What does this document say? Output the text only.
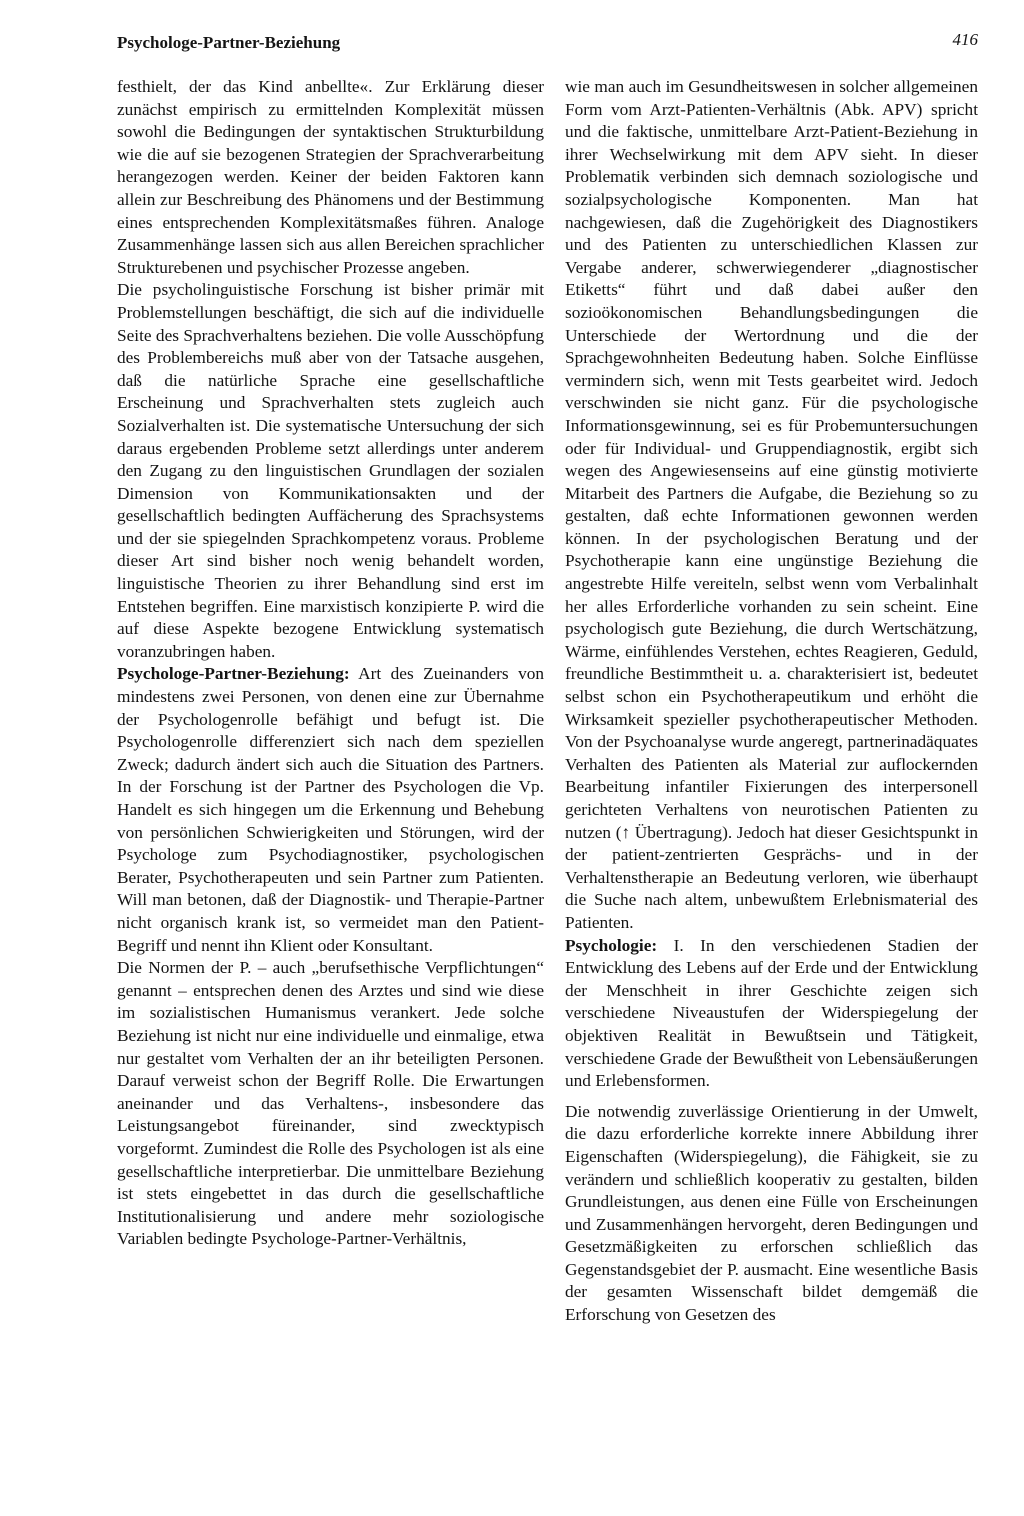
Psychologe-Partner-Beziehung	416

festhielt, der das Kind anbellte«. Zur Erklärung dieser zunächst empirisch zu ermittelnden Komplexität müssen sowohl die Bedingungen der syntaktischen Strukturbildung wie die auf sie bezogenen Strategien der Sprachverarbeitung herangezogen werden. Keiner der beiden Faktoren kann allein zur Beschreibung des Phänomens und der Bestimmung eines entsprechenden Komplexitätsmaßes führen. Analoge Zusammenhänge lassen sich aus allen Bereichen sprachlicher Strukturebenen und psychischer Prozesse angeben.

Die psycholinguistische Forschung ist bisher primär mit Problemstellungen beschäftigt, die sich auf die individuelle Seite des Sprachverhaltens beziehen. Die volle Ausschöpfung des Problembereichs muß aber von der Tatsache ausgehen, daß die natürliche Sprache eine gesellschaftliche Erscheinung und Sprachverhalten stets zugleich auch Sozialverhalten ist. Die systematische Untersuchung der sich daraus ergebenden Probleme setzt allerdings unter anderem den Zugang zu den linguistischen Grundlagen der sozialen Dimension von Kommunikationsakten und der gesellschaftlich bedingten Auffächerung des Sprachsystems und der sie spiegelnden Sprachkompetenz voraus. Probleme dieser Art sind bisher noch wenig behandelt worden, linguistische Theorien zu ihrer Behandlung sind erst im Entstehen begriffen. Eine marxistisch konzipierte P. wird die auf diese Aspekte bezogene Entwicklung systematisch voranzubringen haben.

Psychologe-Partner-Beziehung: Art des Zueinanders von mindestens zwei Personen, von denen eine zur Übernahme der Psychologenrolle befähigt und befugt ist. Die Psychologenrolle differenziert sich nach dem speziellen Zweck; dadurch ändert sich auch die Situation des Partners. In der Forschung ist der Partner des Psychologen die Vp. Handelt es sich hingegen um die Erkennung und Behebung von persönlichen Schwierigkeiten und Störungen, wird der Psychologe zum Psychodiagnostiker, psychologischen Berater, Psychotherapeuten und sein Partner zum Patienten. Will man betonen, daß der Diagnostik- und Therapie-Partner nicht organisch krank ist, so vermeidet man den Patient-Begriff und nennt ihn Klient oder Konsultant.

Die Normen der P. – auch „berufsethische Verpflichtungen“ genannt – entsprechen denen des Arztes und sind wie diese im sozialistischen Humanismus verankert. Jede solche Beziehung ist nicht nur eine individuelle und einmalige, etwa nur gestaltet vom Verhalten der an ihr beteiligten Personen. Darauf verweist schon der Begriff Rolle. Die Erwartungen aneinander und das Verhaltens-, insbesondere das Leistungsangebot füreinander, sind zwecktypisch vorgeformt. Zumindest die Rolle des Psychologen ist als eine gesellschaftliche interpretierbar. Die unmittelbare Beziehung ist stets eingebettet in das durch die gesellschaftliche Institutionalisierung und andere mehr soziologische Variablen bedingte Psychologe-Partner-Verhältnis,

wie man auch im Gesundheitswesen in solcher allgemeinen Form vom Arzt-Patienten-Verhältnis (Abk. APV) spricht und die faktische, unmittelbare Arzt-Patient-Beziehung in ihrer Wechselwirkung mit dem APV sieht. In dieser Problematik verbinden sich demnach soziologische und sozialpsychologische Komponenten. Man hat nachgewiesen, daß die Zugehörigkeit des Diagnostikers und des Patienten zu unterschiedlichen Klassen zur Vergabe anderer, schwerwiegenderer „diagnostischer Etiketts“ führt und daß dabei außer den sozioökonomischen Behandlungsbedingungen die Unterschiede der Wertordnung und die der Sprachgewohnheiten Bedeutung haben. Solche Einflüsse vermindern sich, wenn mit Tests gearbeitet wird. Jedoch verschwinden sie nicht ganz. Für die psychologische Informationsgewinnung, sei es für Probemuntersuchungen oder für Individual- und Gruppendiagnostik, ergibt sich wegen des Angewiesenseins auf eine günstig motivierte Mitarbeit des Partners die Aufgabe, die Beziehung so zu gestalten, daß echte Informationen gewonnen werden können. In der psychologischen Beratung und der Psychotherapie kann eine ungünstige Beziehung die angestrebte Hilfe vereiteln, selbst wenn vom Verbalinhalt her alles Erforderliche vorhanden zu sein scheint. Eine psychologisch gute Beziehung, die durch Wertschätzung, Wärme, einfühlendes Verstehen, echtes Reagieren, Geduld, freundliche Bestimmtheit u. a. charakterisiert ist, bedeutet selbst schon ein Psychotherapeutikum und erhöht die Wirksamkeit spezieller psychotherapeutischer Methoden. Von der Psychoanalyse wurde angeregt, partnerinadäquates Verhalten des Patienten als Material zur auflockernden Bearbeitung infantiler Fixierungen des interpersonell gerichteten Verhaltens von neurotischen Patienten zu nutzen (↑ Übertragung). Jedoch hat dieser Gesichtspunkt in der patient-zentrierten Gesprächs- und in der Verhaltenstherapie an Bedeutung verloren, wie überhaupt die Suche nach altem, unbewußtem Erlebnismaterial des Patienten.

Psychologie: I. In den verschiedenen Stadien der Entwicklung des Lebens auf der Erde und der Entwicklung der Menschheit in ihrer Geschichte zeigen sich verschiedene Niveaustufen der Widerspiegelung der objektiven Realität in Bewußtsein und Tätigkeit, verschiedene Grade der Bewußtheit von Lebensäußerungen und Erlebensformen.

Die notwendig zuverlässige Orientierung in der Umwelt, die dazu erforderliche korrekte innere Abbildung ihrer Eigenschaften (Widerspiegelung), die Fähigkeit, sie zu verändern und schließlich kooperativ zu gestalten, bilden Grundleistungen, aus denen eine Fülle von Erscheinungen und Zusammenhängen hervorgeht, deren Bedingungen und Gesetzmäßigkeiten zu erforschen schließlich das Gegenstandsgebiet der P. ausmacht. Eine wesentliche Basis der gesamten Wissenschaft bildet demgemäß die Erforschung von Gesetzen des
